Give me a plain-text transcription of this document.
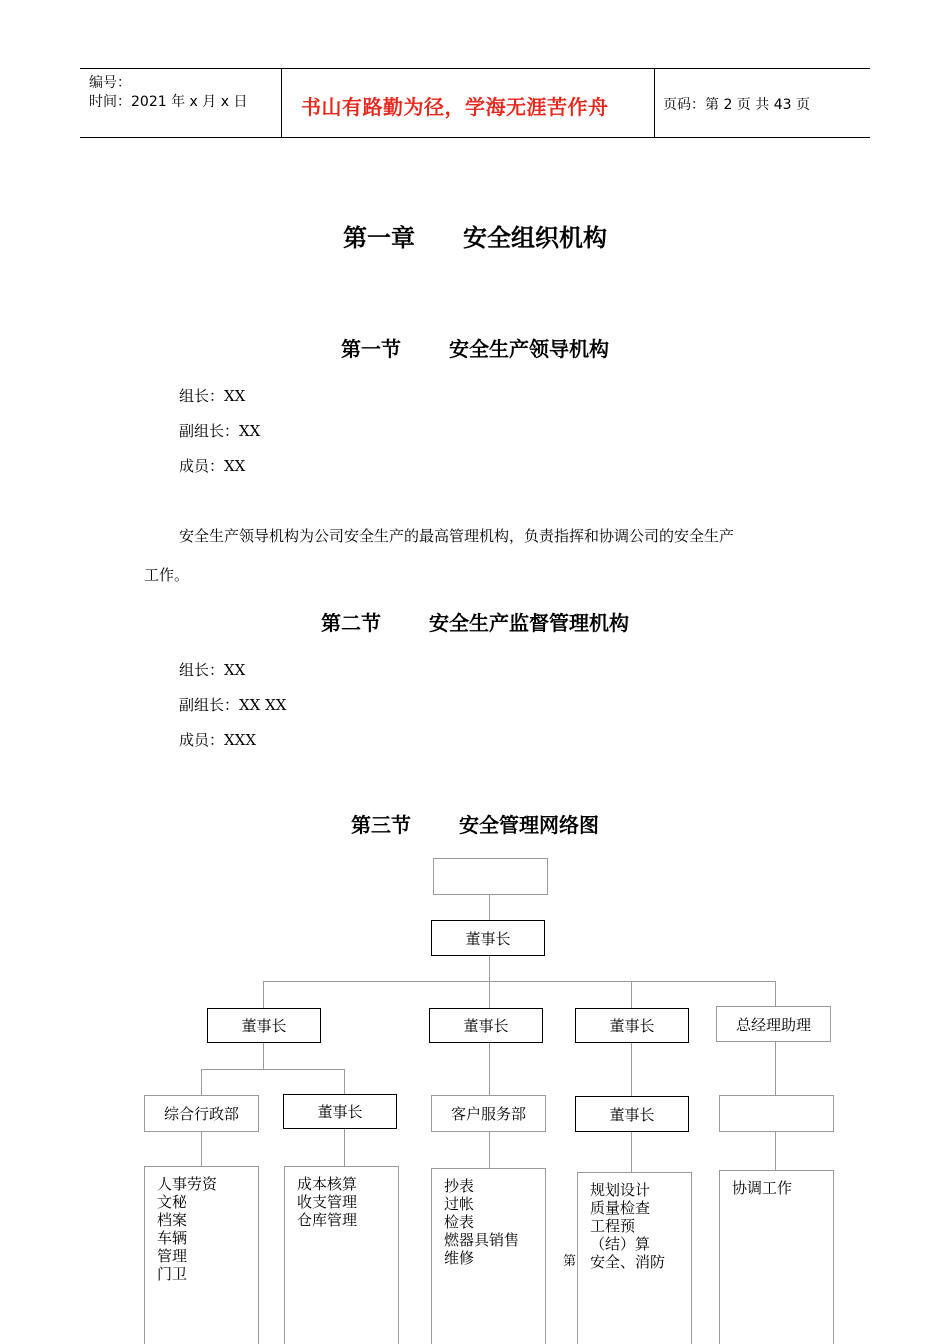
编号：
时间：2021 年 x 月 x 日	书山有路勤为径，学海无涯苦作舟	页码：第 2 页 共 43 页
第一章 安全组织机构
第一节 安全生产领导机构
组长：XX
副组长：XX
成员：XX
安全生产领导机构为公司安全生产的最高管理机构，负责指挥和协调公司的安全生产
工作。
第二节 安全生产监督管理机构
组长：XX
副组长：XX XX
成员：XXX
第三节 安全管理网络图
董事长
董事长	董事长	董事长	总经理助理
综合行政部	董事长	客户服务部	董事长
人事劳资
文秘
档案
车辆
管理
门卫
成本核算
收支管理
仓库管理
抄表
过帐
检表
燃器具销售
维修
规划设计
质量检查
工程预
（结）算
安全、消防
协调工作
第
